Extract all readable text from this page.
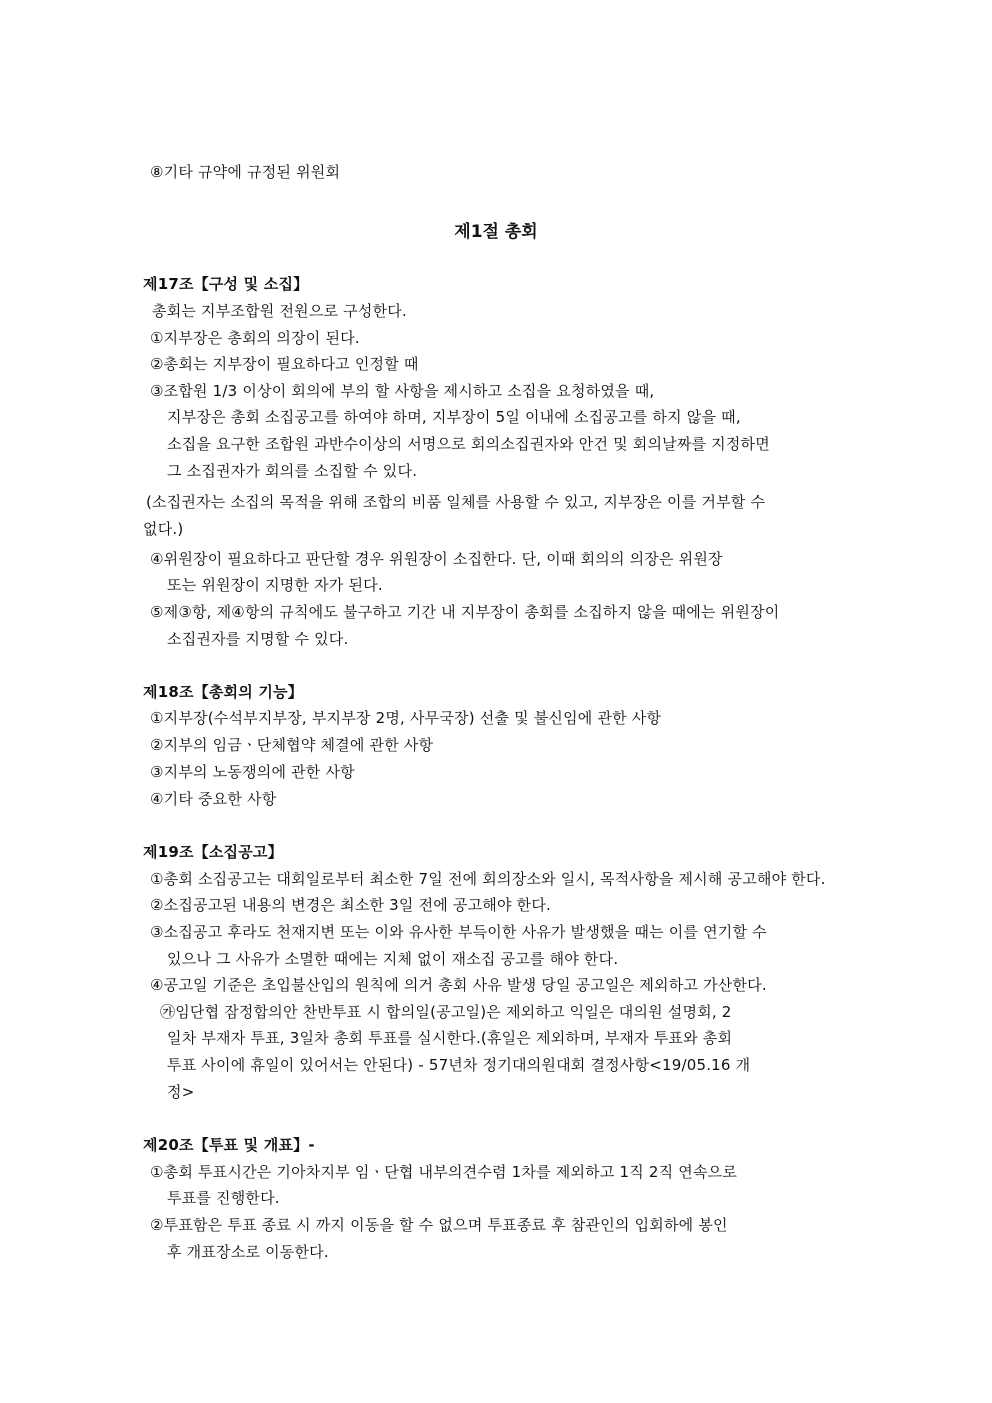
⑧기타 규약에 규정된 위원회
제1절 총회
제17조【구성 및 소집】
총회는 지부조합원 전원으로 구성한다.
①지부장은 총회의 의장이 된다.
②총회는 지부장이 필요하다고 인정할 때
③조합원 1/3 이상이 회의에 부의 할 사항을 제시하고 소집을 요청하였을 때,
지부장은 총회 소집공고를 하여야 하며, 지부장이 5일 이내에 소집공고를 하지 않을 때,
소집을 요구한 조합원 과반수이상의 서명으로 회의소집권자와 안건 및 회의날짜를 지정하면
그 소집권자가 회의를 소집할 수 있다.
(소집권자는 소집의 목적을 위해 조합의 비품 일체를 사용할 수 있고, 지부장은 이를 거부할 수
없다.)
④위원장이 필요하다고 판단할 경우 위원장이 소집한다. 단, 이때 회의의 의장은 위원장
또는 위원장이 지명한 자가 된다.
⑤제③항, 제④항의 규칙에도 불구하고 기간 내 지부장이 총회를 소집하지 않을 때에는 위원장이
소집권자를 지명할 수 있다.
제18조【총회의 기능】
①지부장(수석부지부장, 부지부장 2명, 사무국장) 선출 및 불신임에 관한 사항
②지부의 임금ㆍ단체협약 체결에 관한 사항
③지부의 노동쟁의에 관한 사항
④기타 중요한 사항
제19조【소집공고】
①총회 소집공고는 대회일로부터 최소한 7일 전에 회의장소와 일시, 목적사항을 제시해 공고해야 한다.
②소집공고된 내용의 변경은 최소한 3일 전에 공고해야 한다.
③소집공고 후라도 천재지변 또는 이와 유사한 부득이한 사유가 발생했을 때는 이를 연기할 수
있으나 그 사유가 소멸한 때에는 지체 없이 재소집 공고를 해야 한다.
④공고일 기준은 초입불산입의 원칙에 의거 총회 사유 발생 당일 공고일은 제외하고 가산한다.
㉮임단협 잠정합의안 찬반투표 시 합의일(공고일)은 제외하고 익일은 대의원 설명회, 2
일차 부재자 투표, 3일차 총회 투표를 실시한다.(휴일은 제외하며, 부재자 투표와 총회
투표 사이에 휴일이 있어서는 안된다) - 57년차 정기대의원대회 결정사항<19/05.16 개
정>
제20조【투표 및 개표】-
①총회 투표시간은 기아차지부 임ㆍ단협 내부의견수렴 1차를 제외하고 1직 2직 연속으로
투표를 진행한다.
②투표함은 투표 종료 시 까지 이동을 할 수 없으며 투표종료 후 참관인의 입회하에 봉인
후 개표장소로 이동한다.
